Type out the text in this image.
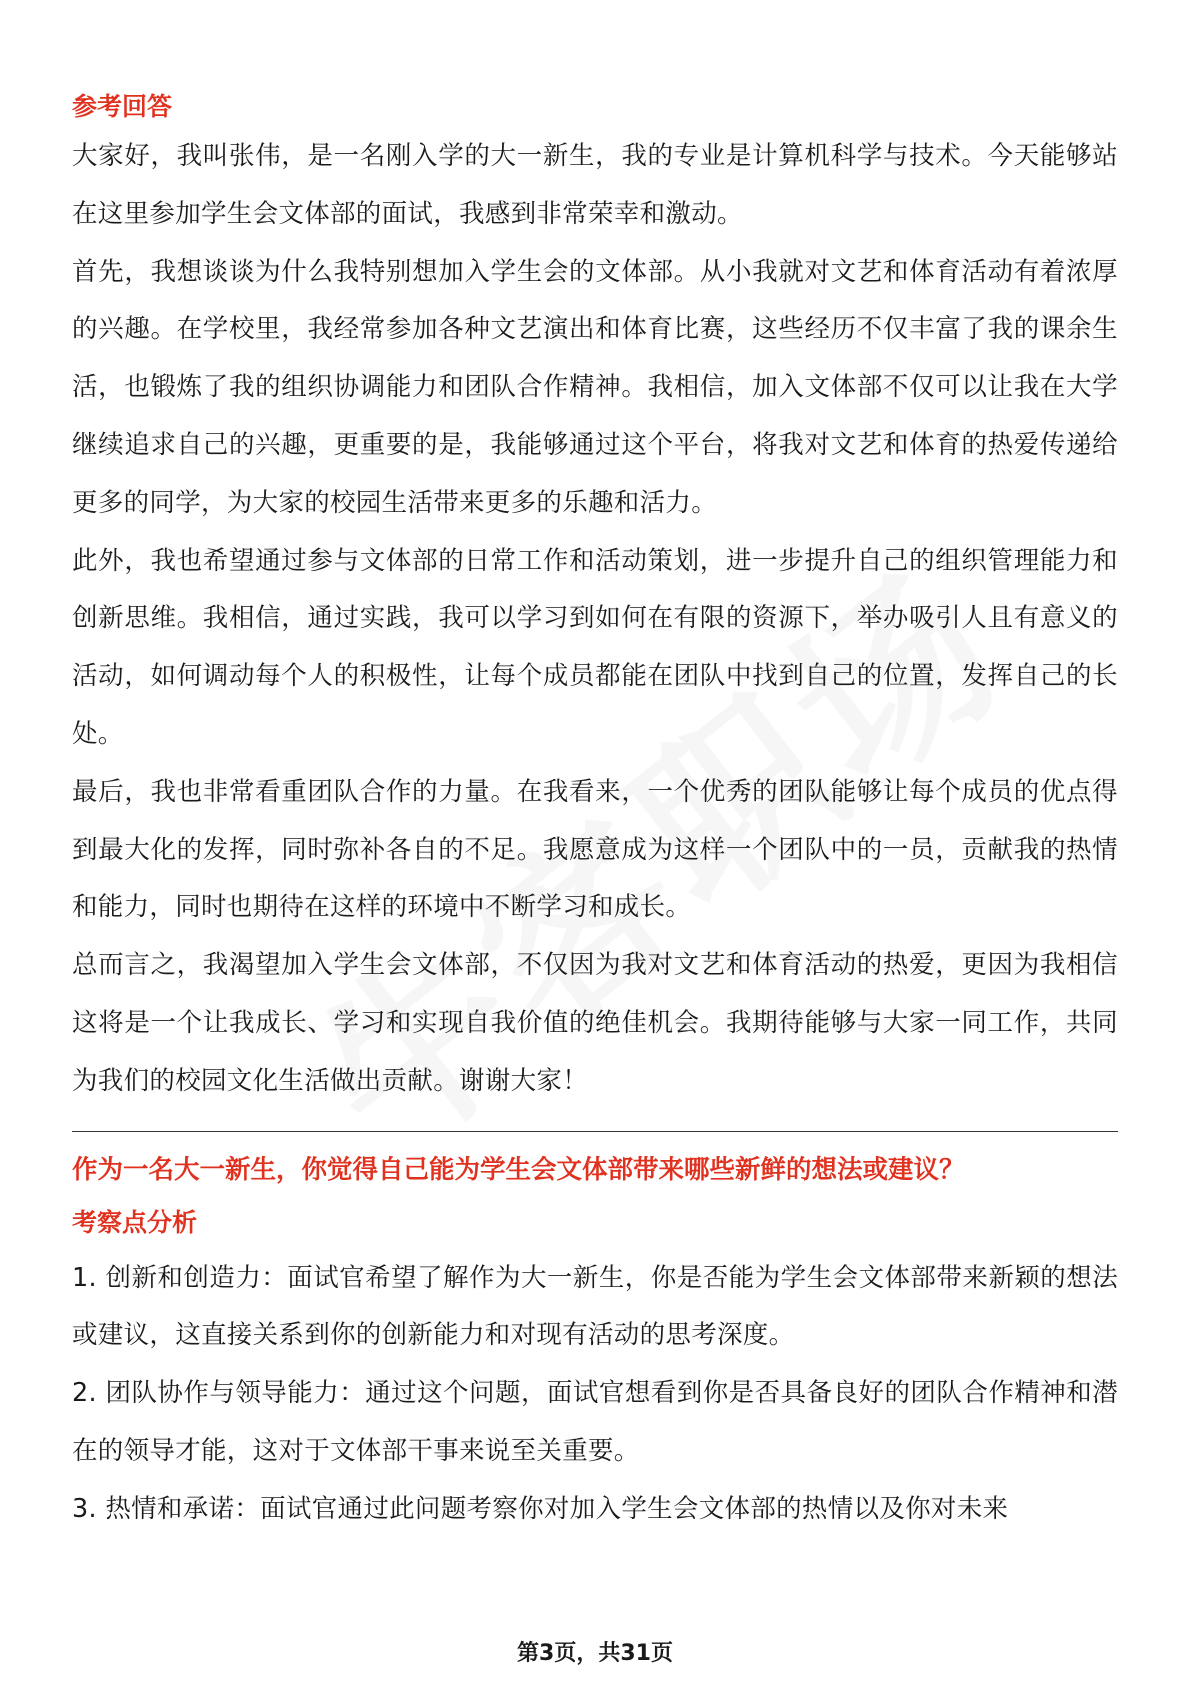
参考回答

大家好，我叫张伟，是一名刚入学的大一新生，我的专业是计算机科学与技术。今天能够站在这里参加学生会文体部的面试，我感到非常荣幸和激动。

首先，我想谈谈为什么我特别想加入学生会的文体部。从小我就对文艺和体育活动有着浓厚的兴趣。在学校里，我经常参加各种文艺演出和体育比赛，这些经历不仅丰富了我的课余生活，也锻炼了我的组织协调能力和团队合作精神。我相信，加入文体部不仅可以让我在大学继续追求自己的兴趣，更重要的是，我能够通过这个平台，将我对文艺和体育的热爱传递给更多的同学，为大家的校园生活带来更多的乐趣和活力。

此外，我也希望通过参与文体部的日常工作和活动策划，进一步提升自己的组织管理能力和创新思维。我相信，通过实践，我可以学习到如何在有限的资源下，举办吸引人且有意义的活动，如何调动每个人的积极性，让每个成员都能在团队中找到自己的位置，发挥自己的长处。

最后，我也非常看重团队合作的力量。在我看来，一个优秀的团队能够让每个成员的优点得到最大化的发挥，同时弥补各自的不足。我愿意成为这样一个团队中的一员，贡献我的热情和能力，同时也期待在这样的环境中不断学习和成长。

总而言之，我渴望加入学生会文体部，不仅因为我对文艺和体育活动的热爱，更因为我相信这将是一个让我成长、学习和实现自我价值的绝佳机会。我期待能够与大家一同工作，共同为我们的校园文化生活做出贡献。谢谢大家！

作为一名大一新生，你觉得自己能为学生会文体部带来哪些新鲜的想法或建议？

考察点分析

1. 创新和创造力：面试官希望了解作为大一新生，你是否能为学生会文体部带来新颖的想法或建议，这直接关系到你的创新能力和对现有活动的思考深度。

2. 团队协作与领导能力：通过这个问题，面试官想看到你是否具备良好的团队合作精神和潜在的领导才能，这对于文体部干事来说至关重要。

3. 热情和承诺：面试官通过此问题考察你对加入学生会文体部的热情以及你对未来

第3页，共31页
